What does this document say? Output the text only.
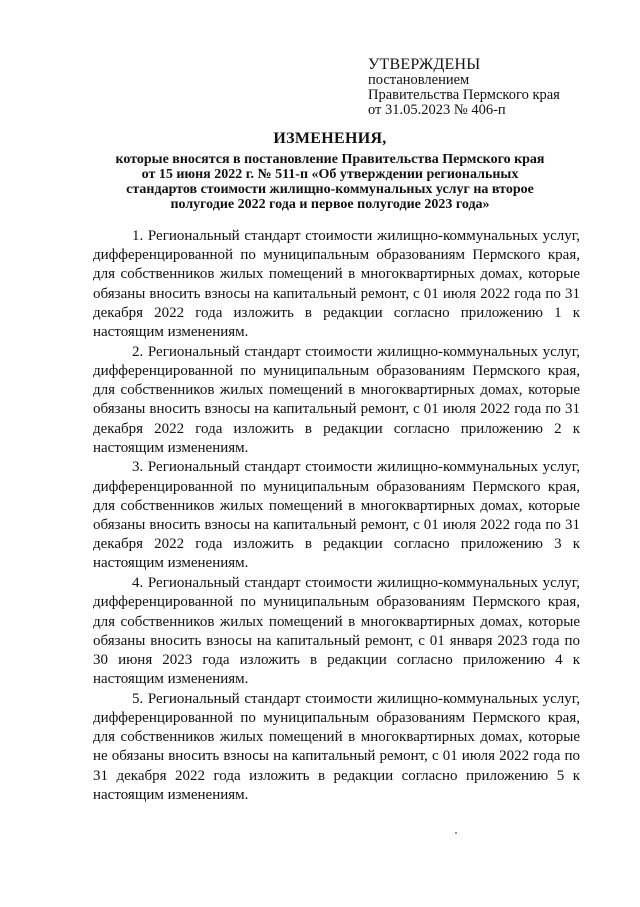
УТВЕРЖДЕНЫ
постановлением
Правительства Пермского края
от 31.05.2023 № 406-п
ИЗМЕНЕНИЯ,
которые вносятся в постановление Правительства Пермского края
от 15 июня 2022 г. № 511-п «Об утверждении региональных
стандартов стоимости жилищно-коммунальных услуг на второе
полугодие 2022 года и первое полугодие 2023 года»

1. Региональный стандарт стоимости жилищно-коммунальных услуг, дифференцированной по муниципальным образованиям Пермского края, для собственников жилых помещений в многоквартирных домах, которые обязаны вносить взносы на капитальный ремонт, с 01 июля 2022 года по 31 декабря 2022 года изложить в редакции согласно приложению 1 к настоящим изменениям.

2. Региональный стандарт стоимости жилищно-коммунальных услуг, дифференцированной по муниципальным образованиям Пермского края, для собственников жилых помещений в многоквартирных домах, которые обязаны вносить взносы на капитальный ремонт, с 01 июля 2022 года по 31 декабря 2022 года изложить в редакции согласно приложению 2 к настоящим изменениям.

3. Региональный стандарт стоимости жилищно-коммунальных услуг, дифференцированной по муниципальным образованиям Пермского края, для собственников жилых помещений в многоквартирных домах, которые обязаны вносить взносы на капитальный ремонт, с 01 июля 2022 года по 31 декабря 2022 года изложить в редакции согласно приложению 3 к настоящим изменениям.

4. Региональный стандарт стоимости жилищно-коммунальных услуг, дифференцированной по муниципальным образованиям Пермского края, для собственников жилых помещений в многоквартирных домах, которые обязаны вносить взносы на капитальный ремонт, с 01 января 2023 года по 30 июня 2023 года изложить в редакции согласно приложению 4 к настоящим изменениям.

5. Региональный стандарт стоимости жилищно-коммунальных услуг, дифференцированной по муниципальным образованиям Пермского края, для собственников жилых помещений в многоквартирных домах, которые не обязаны вносить взносы на капитальный ремонт, с 01 июля 2022 года по 31 декабря 2022 года изложить в редакции согласно приложению 5 к настоящим изменениям.
